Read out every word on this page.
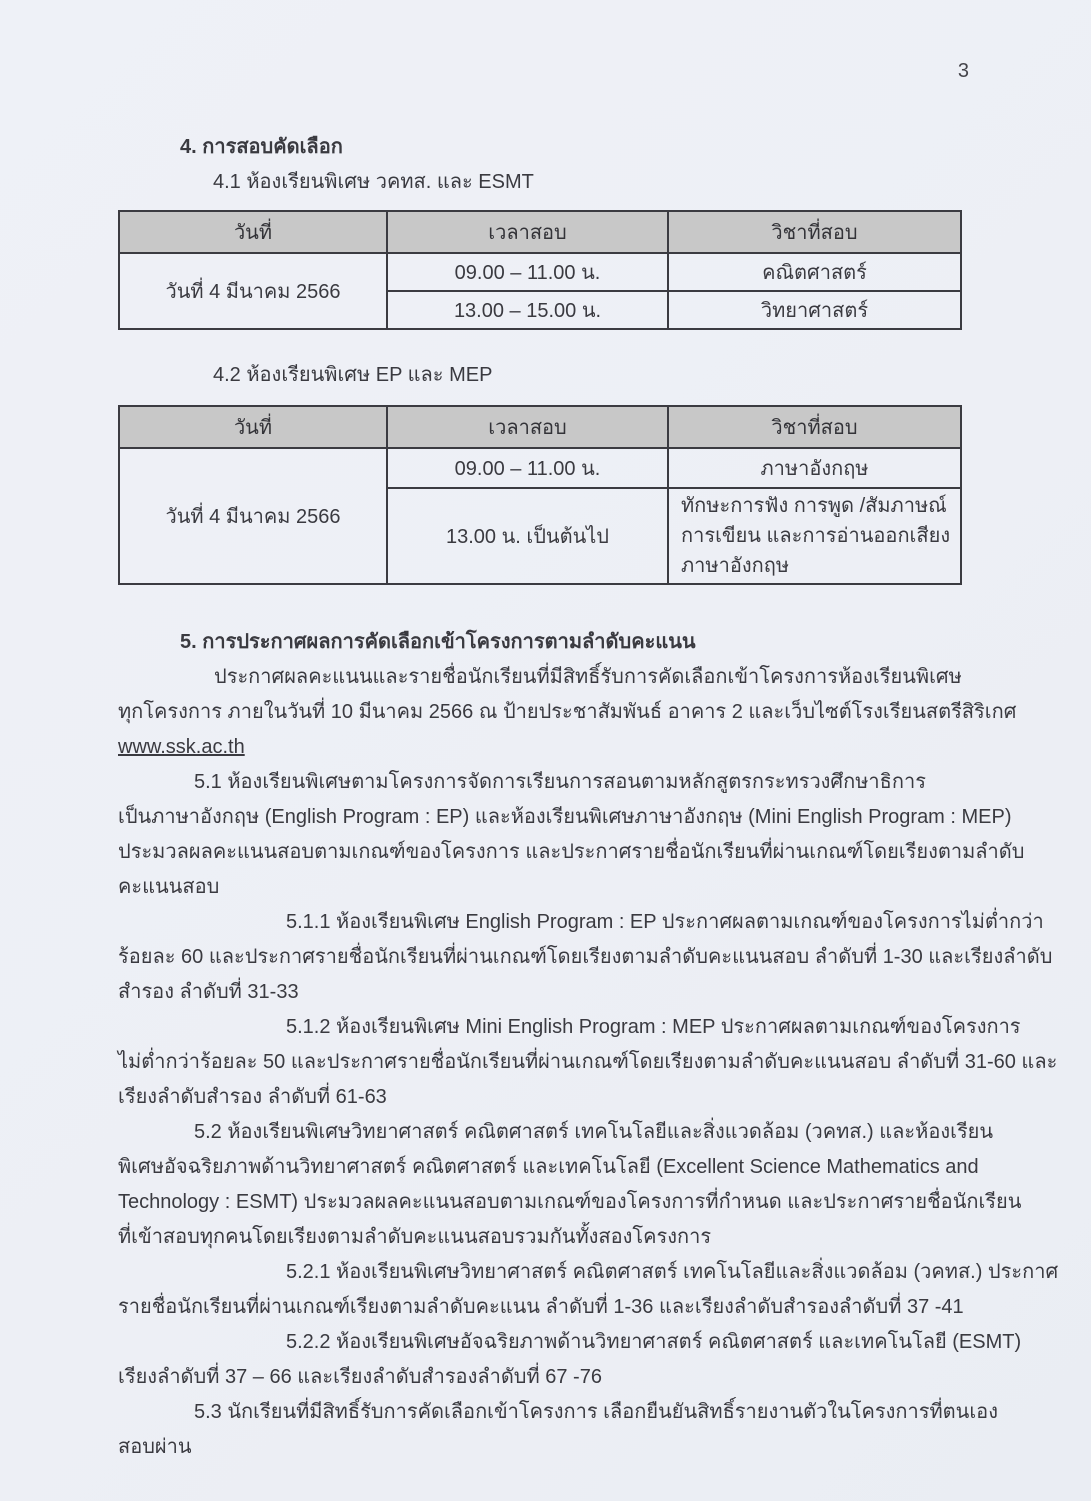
3
4. การสอบคัดเลือก
4.1 ห้องเรียนพิเศษ วคทส. และ ESMT
วันที่	เวลาสอบ	วิชาที่สอบ
วันที่ 4 มีนาคม 2566	09.00 – 11.00 น.	คณิตศาสตร์
	13.00 – 15.00 น.	วิทยาศาสตร์
4.2 ห้องเรียนพิเศษ EP และ MEP
วันที่	เวลาสอบ	วิชาที่สอบ
วันที่ 4 มีนาคม 2566	09.00 – 11.00 น.	ภาษาอังกฤษ
	13.00 น. เป็นต้นไป	ทักษะการฟัง การพูด /สัมภาษณ์
การเขียน และการอ่านออกเสียง
ภาษาอังกฤษ
5. การประกาศผลการคัดเลือกเข้าโครงการตามลำดับคะแนน
ประกาศผลคะแนนและรายชื่อนักเรียนที่มีสิทธิ์รับการคัดเลือกเข้าโครงการห้องเรียนพิเศษ
ทุกโครงการ ภายในวันที่ 10 มีนาคม 2566 ณ ป้ายประชาสัมพันธ์ อาคาร 2 และเว็บไซต์โรงเรียนสตรีสิริเกศ
www.ssk.ac.th
5.1 ห้องเรียนพิเศษตามโครงการจัดการเรียนการสอนตามหลักสูตรกระทรวงศึกษาธิการ
เป็นภาษาอังกฤษ (English Program : EP) และห้องเรียนพิเศษภาษาอังกฤษ (Mini English Program : MEP)
ประมวลผลคะแนนสอบตามเกณฑ์ของโครงการ และประกาศรายชื่อนักเรียนที่ผ่านเกณฑ์โดยเรียงตามลำดับ
คะแนนสอบ
5.1.1 ห้องเรียนพิเศษ English Program : EP ประกาศผลตามเกณฑ์ของโครงการไม่ต่ำกว่า
ร้อยละ 60 และประกาศรายชื่อนักเรียนที่ผ่านเกณฑ์โดยเรียงตามลำดับคะแนนสอบ ลำดับที่ 1-30 และเรียงลำดับ
สำรอง ลำดับที่ 31-33
5.1.2 ห้องเรียนพิเศษ Mini English Program : MEP ประกาศผลตามเกณฑ์ของโครงการ
ไม่ต่ำกว่าร้อยละ 50 และประกาศรายชื่อนักเรียนที่ผ่านเกณฑ์โดยเรียงตามลำดับคะแนนสอบ ลำดับที่ 31-60 และ
เรียงลำดับสำรอง ลำดับที่ 61-63
5.2 ห้องเรียนพิเศษวิทยาศาสตร์ คณิตศาสตร์ เทคโนโลยีและสิ่งแวดล้อม (วคทส.) และห้องเรียน
พิเศษอัจฉริยภาพด้านวิทยาศาสตร์ คณิตศาสตร์ และเทคโนโลยี (Excellent Science Mathematics and
Technology : ESMT) ประมวลผลคะแนนสอบตามเกณฑ์ของโครงการที่กำหนด และประกาศรายชื่อนักเรียน
ที่เข้าสอบทุกคนโดยเรียงตามลำดับคะแนนสอบรวมกันทั้งสองโครงการ
5.2.1 ห้องเรียนพิเศษวิทยาศาสตร์ คณิตศาสตร์ เทคโนโลยีและสิ่งแวดล้อม (วคทส.) ประกาศ
รายชื่อนักเรียนที่ผ่านเกณฑ์เรียงตามลำดับคะแนน ลำดับที่ 1-36 และเรียงลำดับสำรองลำดับที่ 37 -41
5.2.2 ห้องเรียนพิเศษอัจฉริยภาพด้านวิทยาศาสตร์ คณิตศาสตร์ และเทคโนโลยี (ESMT)
เรียงลำดับที่ 37 – 66 และเรียงลำดับสำรองลำดับที่ 67 -76
5.3 นักเรียนที่มีสิทธิ์รับการคัดเลือกเข้าโครงการ เลือกยืนยันสิทธิ์รายงานตัวในโครงการที่ตนเอง
สอบผ่าน
